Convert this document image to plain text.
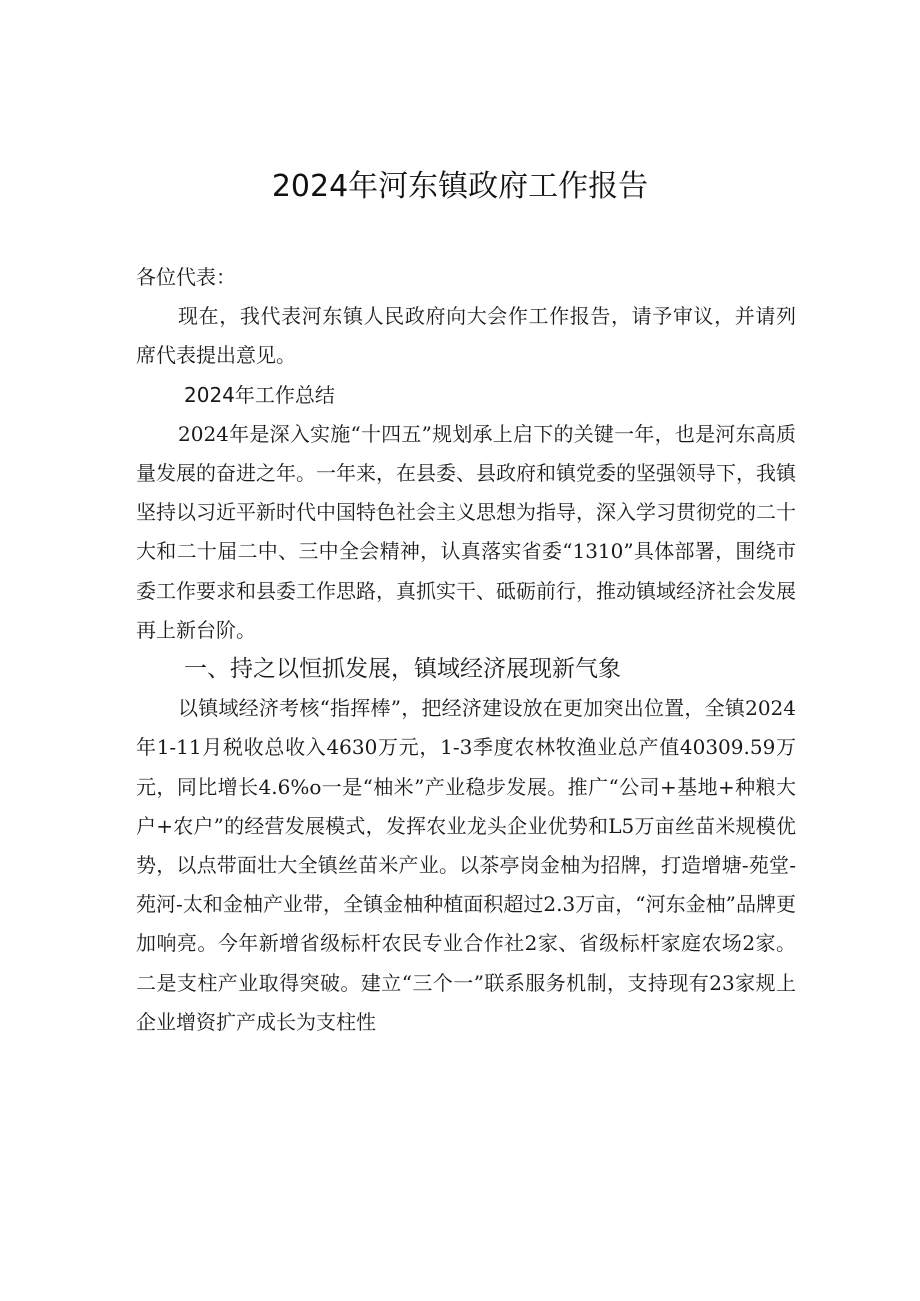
2024年河东镇政府工作报告

各位代表：

现在，我代表河东镇人民政府向大会作工作报告，请予审议，并请列席代表提出意见。

2024年工作总结

2024年是深入实施“十四五”规划承上启下的关键一年，也是河东高质量发展的奋进之年。一年来，在县委、县政府和镇党委的坚强领导下，我镇坚持以习近平新时代中国特色社会主义思想为指导，深入学习贯彻党的二十大和二十届二中、三中全会精神，认真落实省委“1310”具体部署，围绕市委工作要求和县委工作思路，真抓实干、砥砺前行，推动镇域经济社会发展再上新台阶。

一、持之以恒抓发展，镇域经济展现新气象

以镇域经济考核“指挥棒”，把经济建设放在更加突出位置，全镇2024年1-11月税收总收入4630万元，1-3季度农林牧渔业总产值40309.59万元，同比增长4.6%o一是“柚米”产业稳步发展。推广“公司+基地+种粮大户+农户”的经营发展模式，发挥农业龙头企业优势和L5万亩丝苗米规模优势，以点带面壮大全镇丝苗米产业。以茶亭岗金柚为招牌，打造增塘-苑堂-苑河-太和金柚产业带，全镇金柚种植面积超过2.3万亩，“河东金柚”品牌更加响亮。今年新增省级标杆农民专业合作社2家、省级标杆家庭农场2家。二是支柱产业取得突破。建立“三个一”联系服务机制，支持现有23家规上企业增资扩产成长为支柱性
